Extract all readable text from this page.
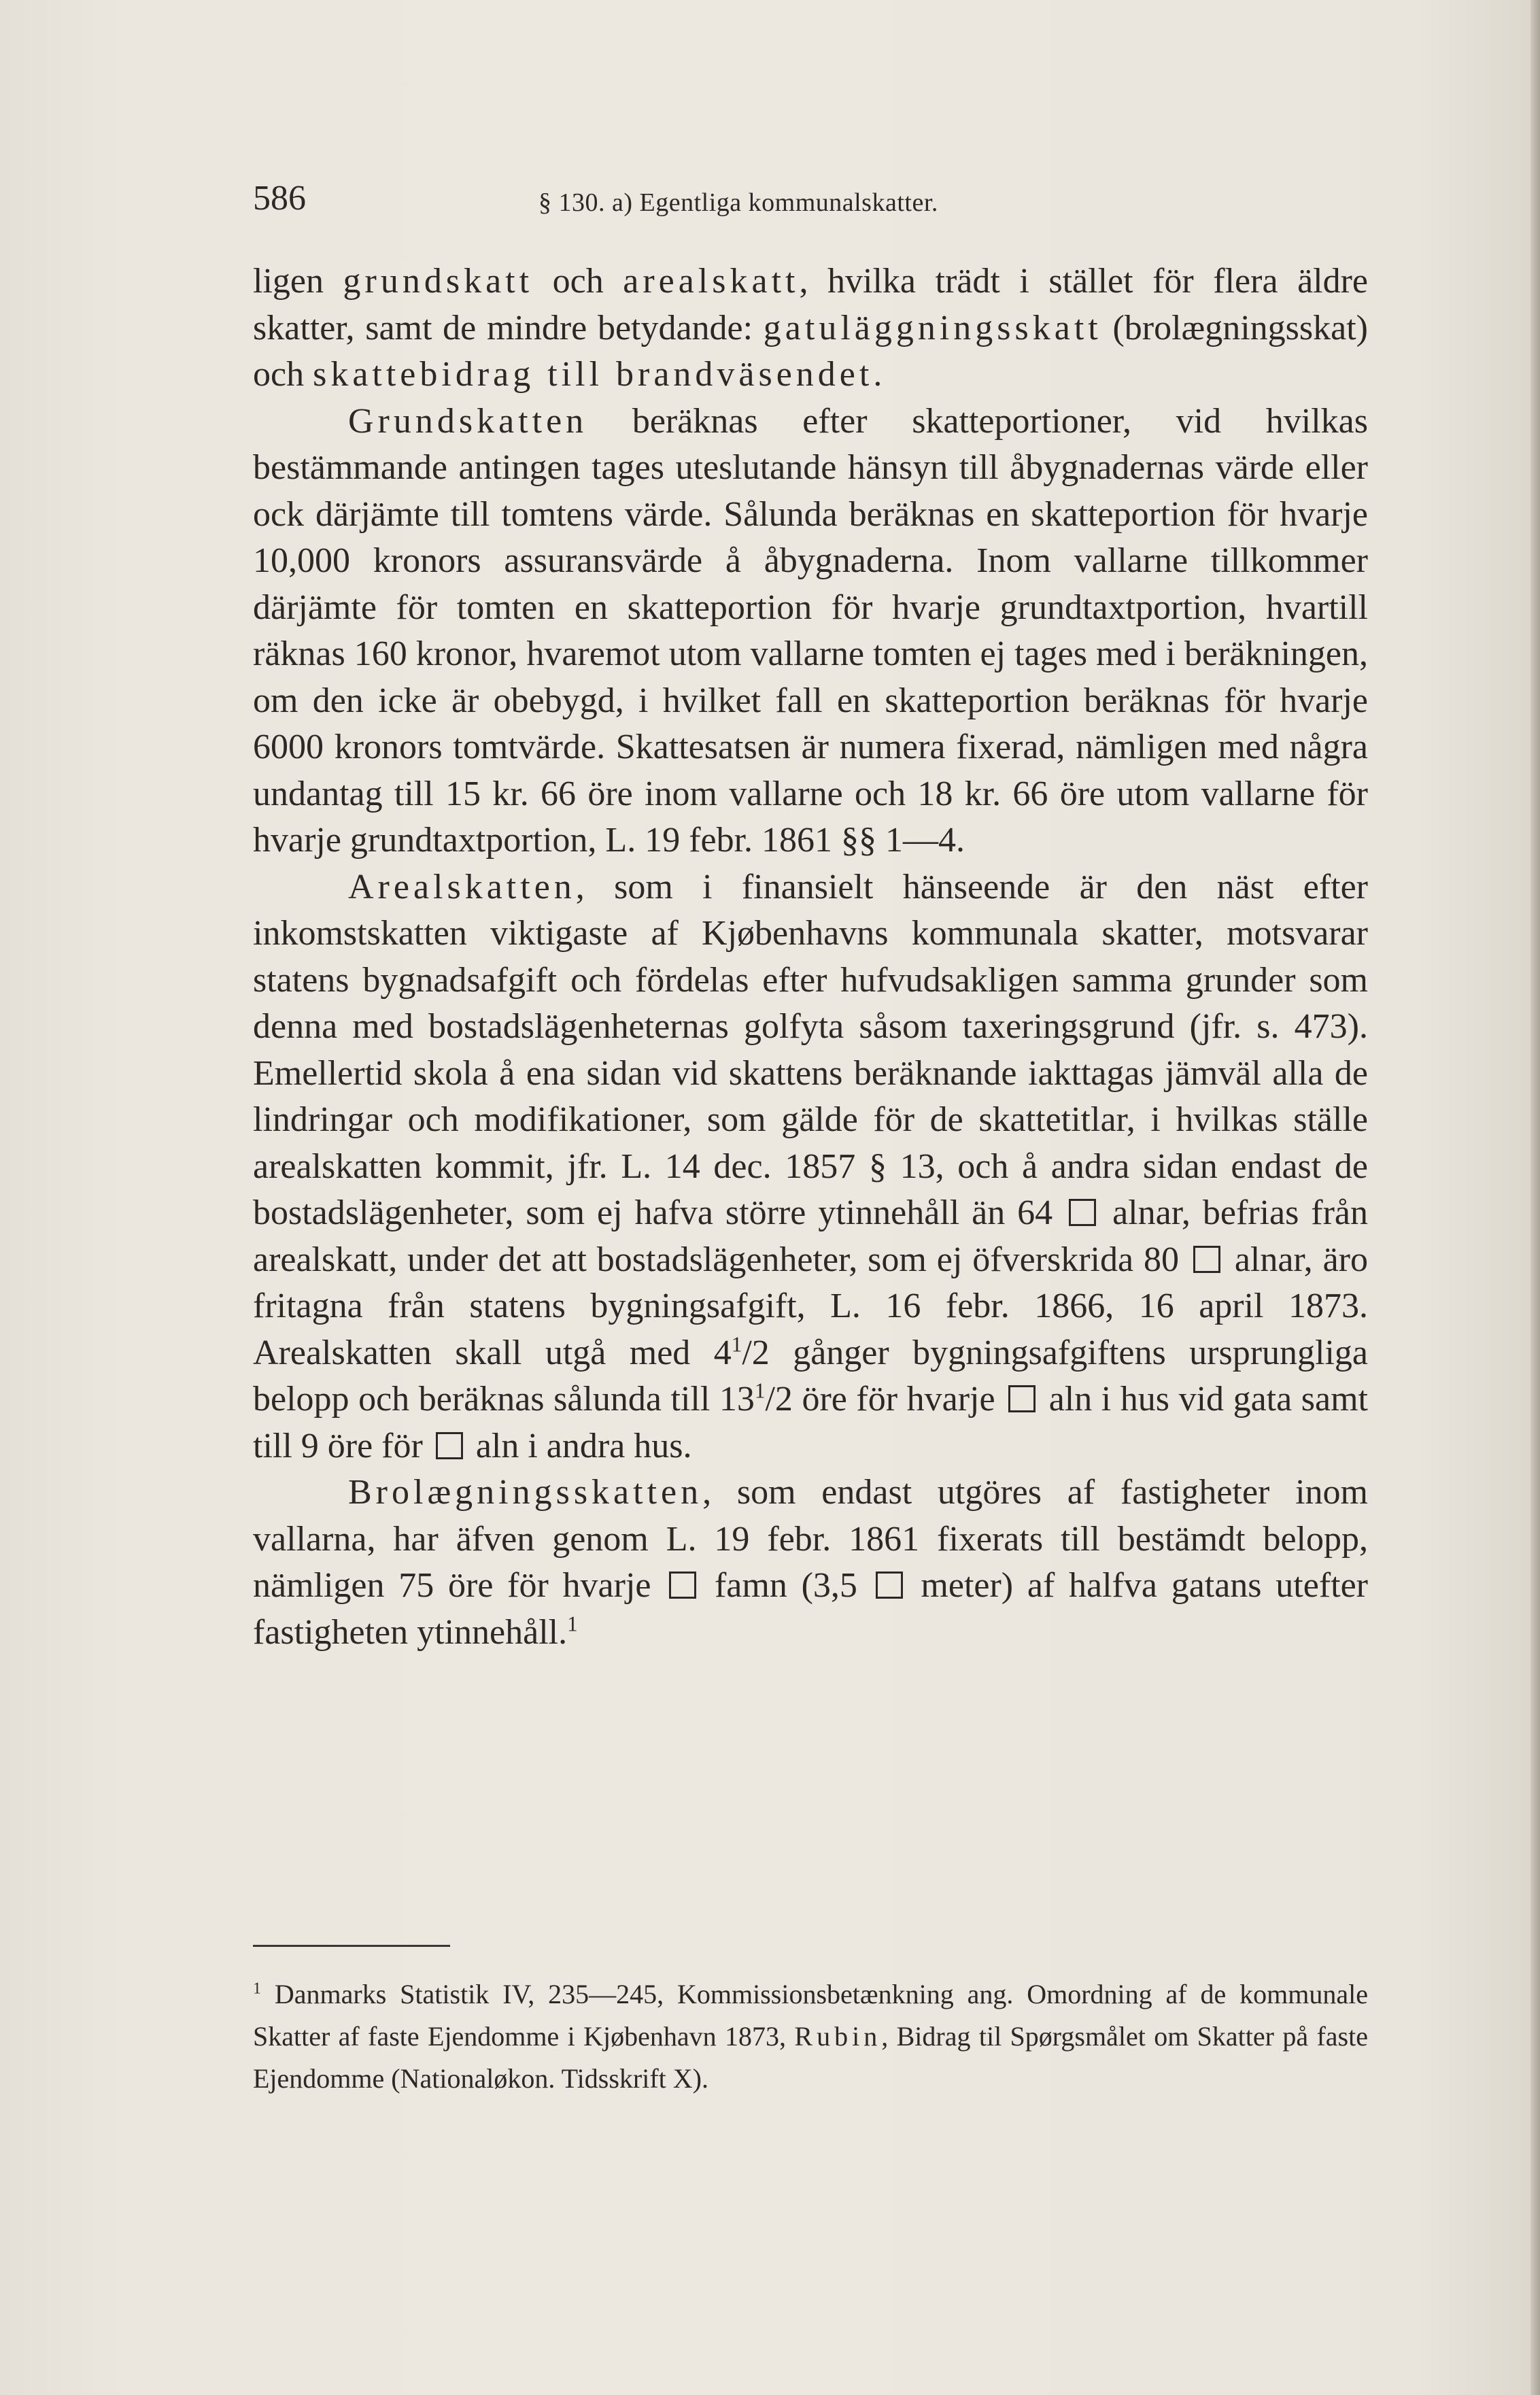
586	§ 130. a) Egentliga kommunalskatter.

ligen grundskatt och arealskatt, hvilka trädt i stället för flera äldre skatter, samt de mindre betydande: gatuläggningsskatt (brolægningsskat) och skattebidrag till brandväsendet.

Grundskatten beräknas efter skatteportioner, vid hvilkas bestämmande antingen tages uteslutande hänsyn till åbygnadernas värde eller ock därjämte till tomtens värde. Sålunda beräknas en skatteportion för hvarje 10,000 kronors assuransvärde å åbygnaderna. Inom vallarne tillkommer därjämte för tomten en skatteportion för hvarje grundtaxtportion, hvartill räknas 160 kronor, hvaremot utom vallarne tomten ej tages med i beräkningen, om den icke är obebygd, i hvilket fall en skatteportion beräknas för hvarje 6000 kronors tomtvärde. Skattesatsen är numera fixerad, nämligen med några undantag till 15 kr. 66 öre inom vallarne och 18 kr. 66 öre utom vallarne för hvarje grundtaxtportion, L. 19 febr. 1861 §§ 1—4.

Arealskatten, som i finansielt hänseende är den näst efter inkomstskatten viktigaste af Kjøbenhavns kommunala skatter, motsvarar statens bygnadsafgift och fördelas efter hufvudsakligen samma grunder som denna med bostadslägenheternas golfyta såsom taxeringsgrund (jfr. s. 473). Emellertid skola å ena sidan vid skattens beräknande iakttagas jämväl alla de lindringar och modifikationer, som gälde för de skattetitlar, i hvilkas ställe arealskatten kommit, jfr. L. 14 dec. 1857 § 13, och å andra sidan endast de bostadslägenheter, som ej hafva större ytinnehåll än 64  alnar, befrias från arealskatt, under det att bostadslägenheter, som ej öfverskrida 80  alnar, äro fritagna från statens bygningsafgift, L. 16 febr. 1866, 16 april 1873. Arealskatten skall utgå med $4^1/2$ gånger bygningsafgiftens ursprungliga belopp och beräknas sålunda till $13^1/2$ öre för hvarje  aln i hus vid gata samt till 9 öre för  aln i andra hus.

Brolægningsskatten, som endast utgöres af fastigheter inom vallarna, har äfven genom L. 19 febr. 1861 fixerats till bestämdt belopp, nämligen 75 öre för hvarje  famn (3,5  meter) af halfva gatans utefter fastigheten ytinnehåll.$^1$

$^1$ Danmarks Statistik IV, 235—245, Kommissionsbetænkning ang. Omordning af de kommunale Skatter af faste Ejendomme i Kjøbenhavn 1873, Rubin, Bidrag til Spørgsmålet om Skatter på faste Ejendomme (Nationaløkon. Tidsskrift X).
